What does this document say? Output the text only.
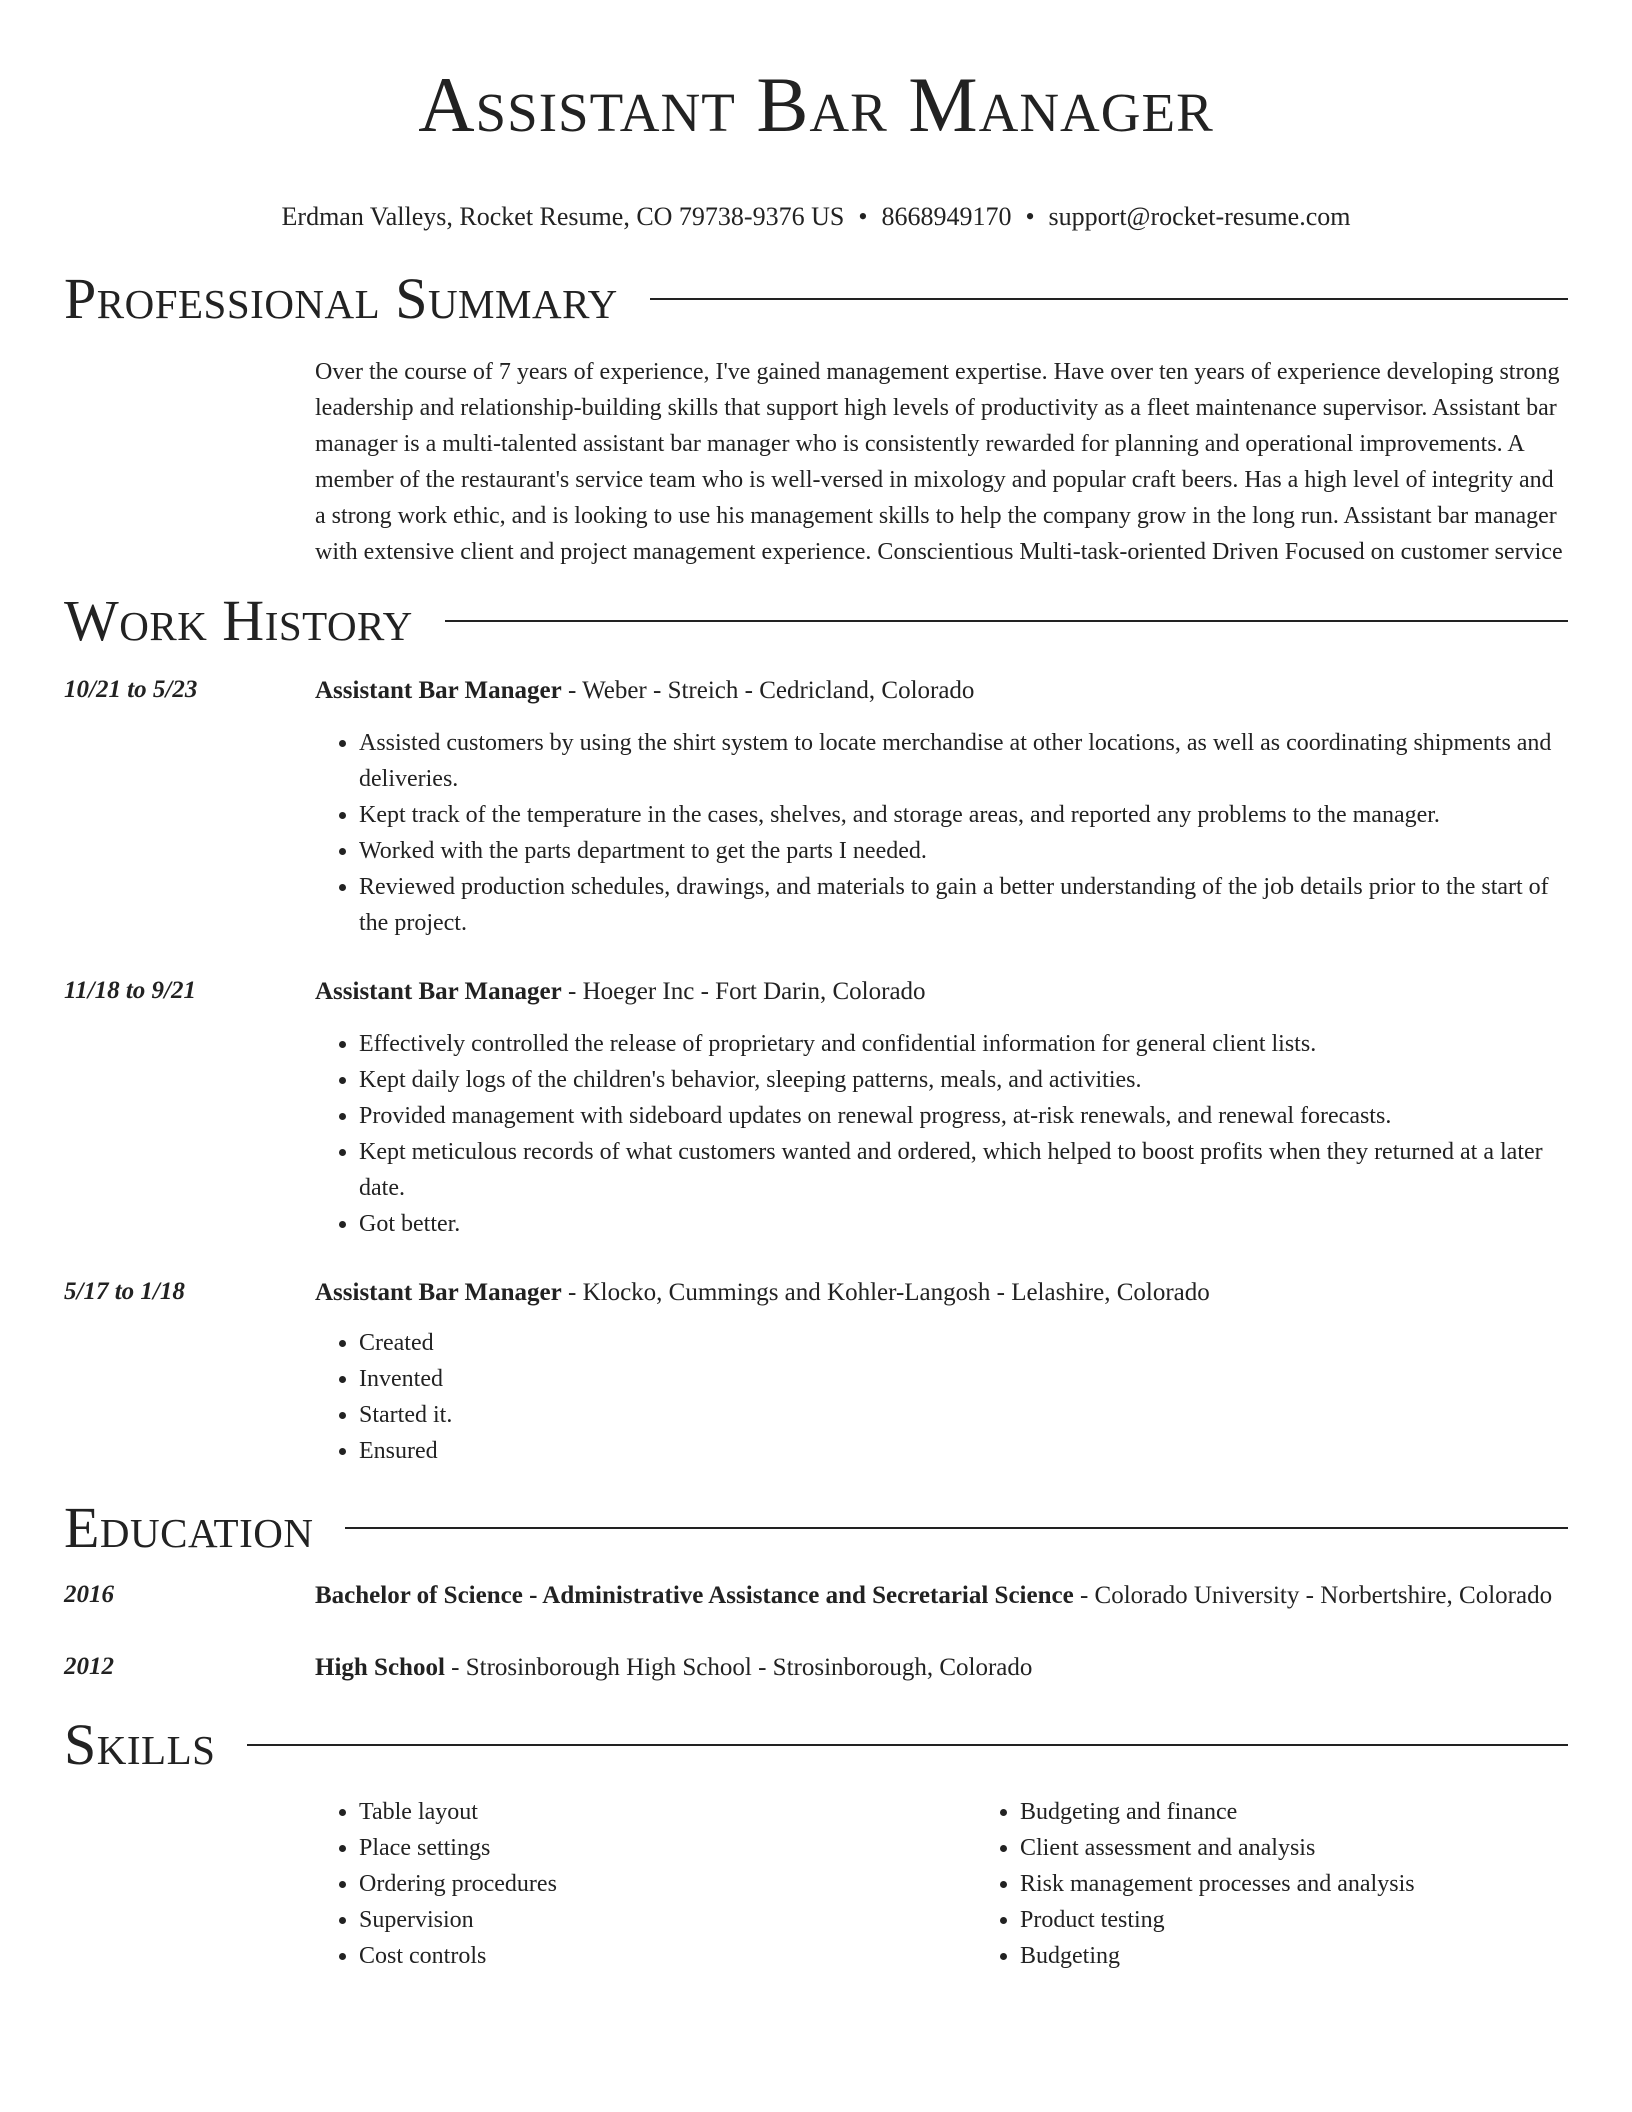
Assistant Bar Manager
Erdman Valleys, Rocket Resume, CO 79738-9376 US • 8668949170 • support@rocket-resume.com
Professional Summary
Over the course of 7 years of experience, I've gained management expertise. Have over ten years of experience developing strong leadership and relationship-building skills that support high levels of productivity as a fleet maintenance supervisor. Assistant bar manager is a multi-talented assistant bar manager who is consistently rewarded for planning and operational improvements. A member of the restaurant's service team who is well-versed in mixology and popular craft beers. Has a high level of integrity and a strong work ethic, and is looking to use his management skills to help the company grow in the long run. Assistant bar manager with extensive client and project management experience. Conscientious Multi-task-oriented Driven Focused on customer service
Work History
10/21 to 5/23	Assistant Bar Manager - Weber - Streich - Cedricland, Colorado
• Assisted customers by using the shirt system to locate merchandise at other locations, as well as coordinating shipments and deliveries.
• Kept track of the temperature in the cases, shelves, and storage areas, and reported any problems to the manager.
• Worked with the parts department to get the parts I needed.
• Reviewed production schedules, drawings, and materials to gain a better understanding of the job details prior to the start of the project.
11/18 to 9/21	Assistant Bar Manager - Hoeger Inc - Fort Darin, Colorado
• Effectively controlled the release of proprietary and confidential information for general client lists.
• Kept daily logs of the children's behavior, sleeping patterns, meals, and activities.
• Provided management with sideboard updates on renewal progress, at-risk renewals, and renewal forecasts.
• Kept meticulous records of what customers wanted and ordered, which helped to boost profits when they returned at a later date.
• Got better.
5/17 to 1/18	Assistant Bar Manager - Klocko, Cummings and Kohler-Langosh - Lelashire, Colorado
• Created
• Invented
• Started it.
• Ensured
Education
2016	Bachelor of Science - Administrative Assistance and Secretarial Science - Colorado University - Norbertshire, Colorado
2012	High School - Strosinborough High School - Strosinborough, Colorado
Skills
• Table layout
• Place settings
• Ordering procedures
• Supervision
• Cost controls
• Budgeting and finance
• Client assessment and analysis
• Risk management processes and analysis
• Product testing
• Budgeting
